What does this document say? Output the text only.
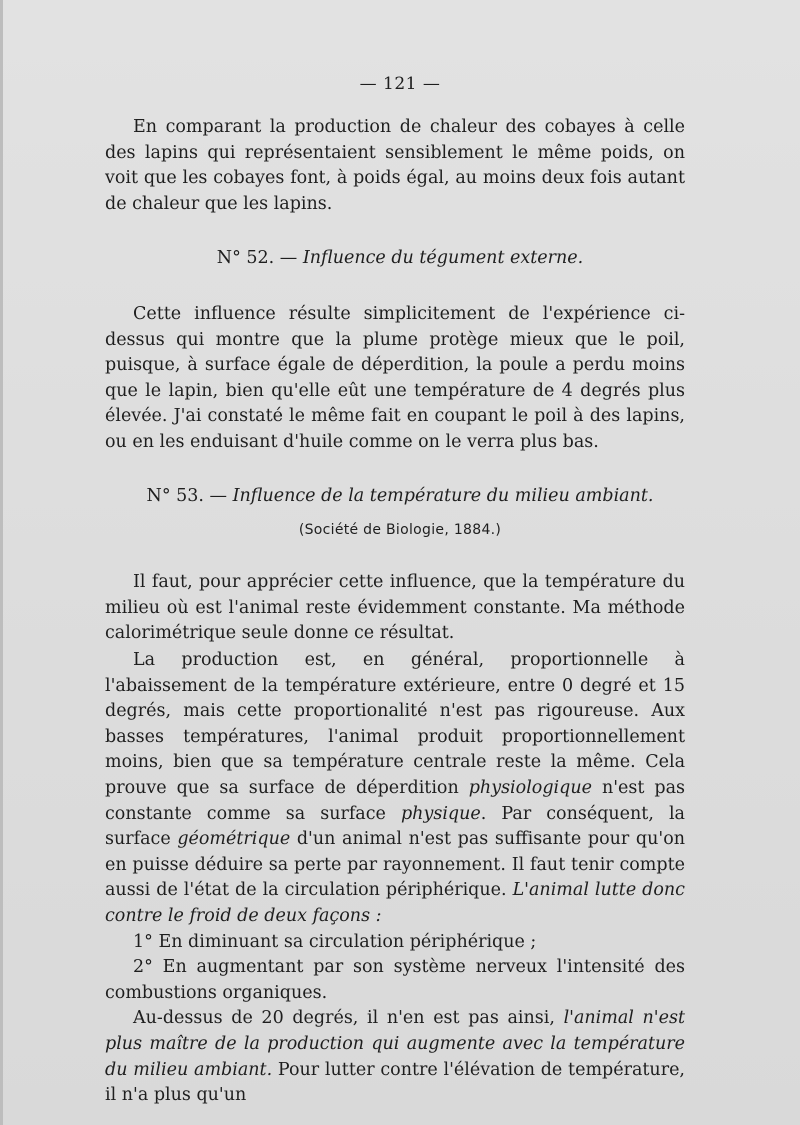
— 121 —

En comparant la production de chaleur des cobayes à celle des lapins qui représentaient sensiblement le même poids, on voit que les cobayes font, à poids égal, au moins deux fois autant de chaleur que les lapins.

N° 52. — Influence du tégument externe.

Cette influence résulte simplicitement de l'expérience ci-dessus qui montre que la plume protège mieux que le poil, puisque, à surface égale de déperdition, la poule a perdu moins que le lapin, bien qu'elle eût une température de 4 degrés plus élevée. J'ai constaté le même fait en coupant le poil à des lapins, ou en les enduisant d'huile comme on le verra plus bas.

N° 53. — Influence de la température du milieu ambiant.
(Société de Biologie, 1884.)

Il faut, pour apprécier cette influence, que la température du milieu où est l'animal reste évidemment constante. Ma méthode calorimétrique seule donne ce résultat.

La production est, en général, proportionnelle à l'abaissement de la température extérieure, entre 0 degré et 15 degrés, mais cette proportionalité n'est pas rigoureuse. Aux basses températures, l'animal produit proportionnellement moins, bien que sa température centrale reste la même. Cela prouve que sa surface de déperdition physiologique n'est pas constante comme sa surface physique. Par conséquent, la surface géométrique d'un animal n'est pas suffisante pour qu'on en puisse déduire sa perte par rayonnement. Il faut tenir compte aussi de l'état de la circulation périphérique. L'animal lutte donc contre le froid de deux façons :

1° En diminuant sa circulation périphérique ;

2° En augmentant par son système nerveux l'intensité des combustions organiques.

Au-dessus de 20 degrés, il n'en est pas ainsi, l'animal n'est plus maître de la production qui augmente avec la température du milieu ambiant. Pour lutter contre l'élévation de température, il n'a plus qu'un
